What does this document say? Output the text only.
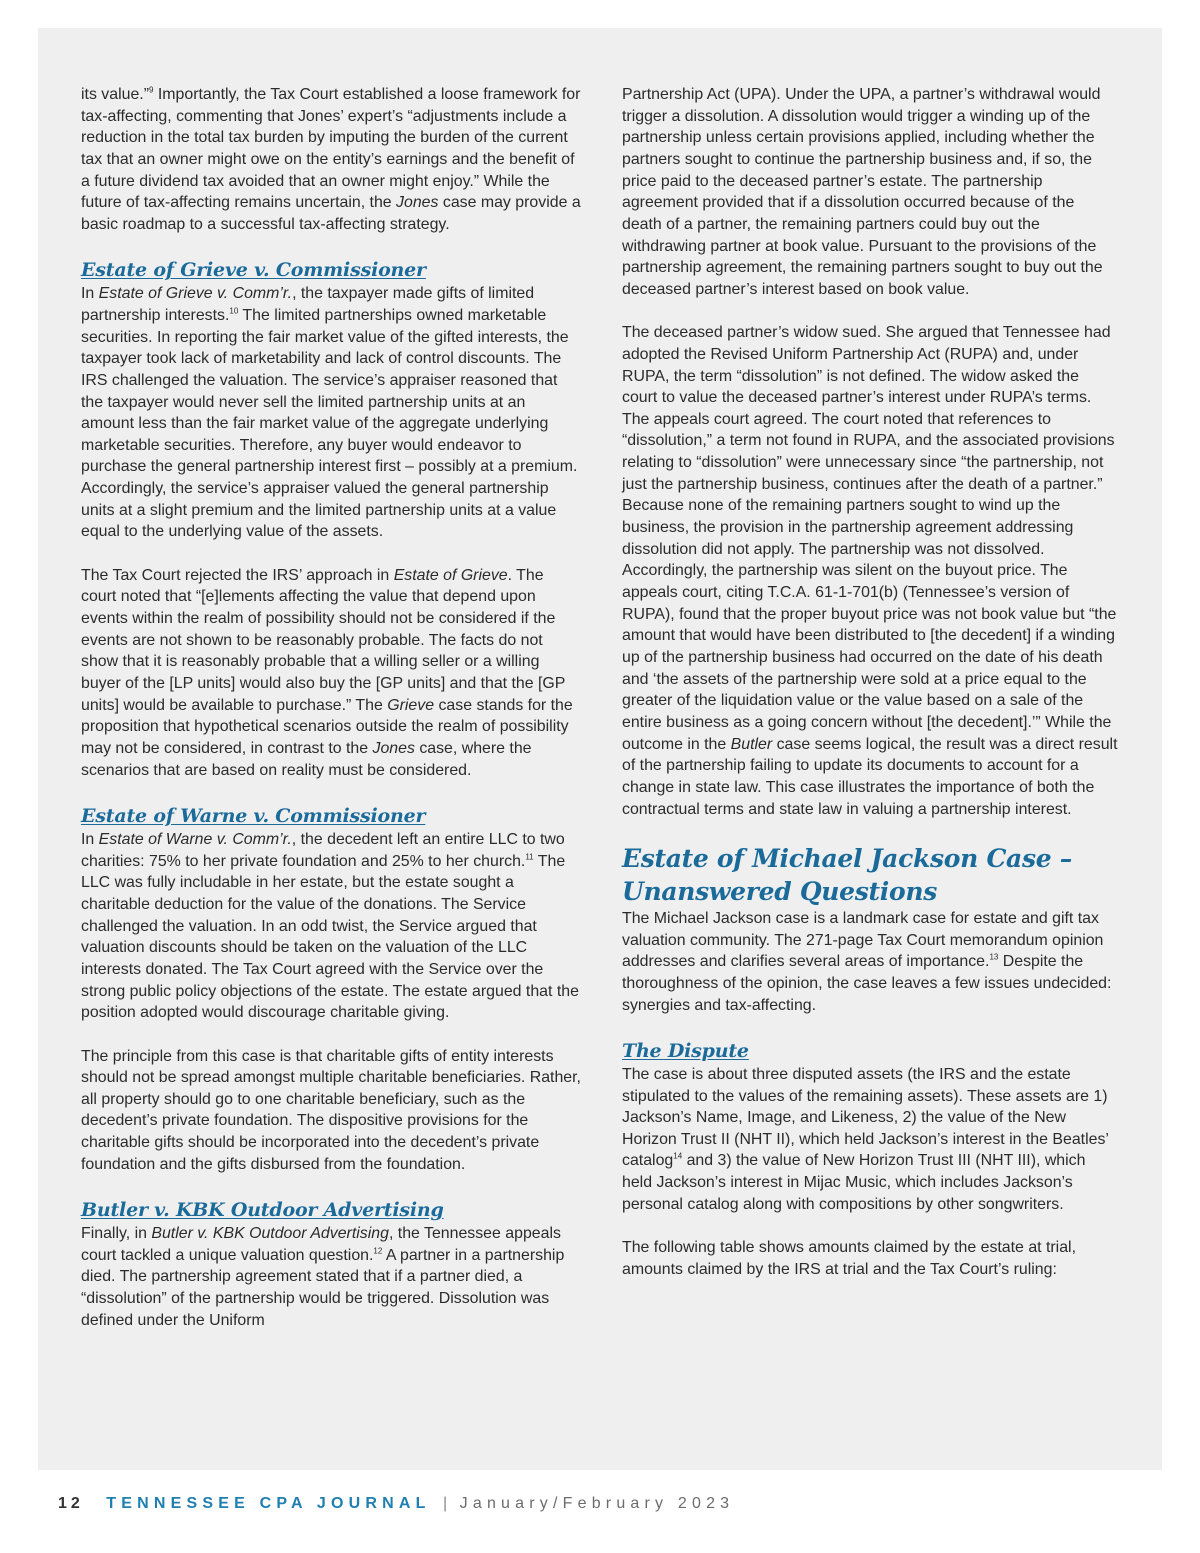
its value.”$^9$ Importantly, the Tax Court established a loose framework for tax-affecting, commenting that Jones’ expert’s “adjustments include a reduction in the total tax burden by imputing the burden of the current tax that an owner might owe on the entity’s earnings and the benefit of a future dividend tax avoided that an owner might enjoy.” While the future of tax-affecting remains uncertain, the Jones case may provide a basic roadmap to a successful tax-affecting strategy.

Estate of Grieve v. Commissioner

In Estate of Grieve v. Comm’r., the taxpayer made gifts of limited partnership interests.$^{10}$ The limited partnerships owned marketable securities. In reporting the fair market value of the gifted interests, the taxpayer took lack of marketability and lack of control discounts. The IRS challenged the valuation. The service’s appraiser reasoned that the taxpayer would never sell the limited partnership units at an amount less than the fair market value of the aggregate underlying marketable securities. Therefore, any buyer would endeavor to purchase the general partnership interest first – possibly at a premium. Accordingly, the service’s appraiser valued the general partnership units at a slight premium and the limited partnership units at a value equal to the underlying value of the assets.

The Tax Court rejected the IRS’ approach in Estate of Grieve. The court noted that “[e]lements affecting the value that depend upon events within the realm of possibility should not be considered if the events are not shown to be reasonably probable. The facts do not show that it is reasonably probable that a willing seller or a willing buyer of the [LP units] would also buy the [GP units] and that the [GP units] would be available to purchase.” The Grieve case stands for the proposition that hypothetical scenarios outside the realm of possibility may not be considered, in contrast to the Jones case, where the scenarios that are based on reality must be considered.

Estate of Warne v. Commissioner

In Estate of Warne v. Comm’r., the decedent left an entire LLC to two charities: 75% to her private foundation and 25% to her church.$^{11}$ The LLC was fully includable in her estate, but the estate sought a charitable deduction for the value of the donations. The Service challenged the valuation. In an odd twist, the Service argued that valuation discounts should be taken on the valuation of the LLC interests donated. The Tax Court agreed with the Service over the strong public policy objections of the estate. The estate argued that the position adopted would discourage charitable giving.

The principle from this case is that charitable gifts of entity interests should not be spread amongst multiple charitable beneficiaries. Rather, all property should go to one charitable beneficiary, such as the decedent’s private foundation. The dispositive provisions for the charitable gifts should be incorporated into the decedent’s private foundation and the gifts disbursed from the foundation.

Butler v. KBK Outdoor Advertising

Finally, in Butler v. KBK Outdoor Advertising, the Tennessee appeals court tackled a unique valuation question.$^{12}$ A partner in a partnership died. The partnership agreement stated that if a partner died, a “dissolution” of the partnership would be triggered. Dissolution was defined under the Uniform

Partnership Act (UPA). Under the UPA, a partner’s withdrawal would trigger a dissolution. A dissolution would trigger a winding up of the partnership unless certain provisions applied, including whether the partners sought to continue the partnership business and, if so, the price paid to the deceased partner’s estate. The partnership agreement provided that if a dissolution occurred because of the death of a partner, the remaining partners could buy out the withdrawing partner at book value. Pursuant to the provisions of the partnership agreement, the remaining partners sought to buy out the deceased partner’s interest based on book value.

The deceased partner’s widow sued. She argued that Tennessee had adopted the Revised Uniform Partnership Act (RUPA) and, under RUPA, the term “dissolution” is not defined. The widow asked the court to value the deceased partner’s interest under RUPA’s terms. The appeals court agreed. The court noted that references to “dissolution,” a term not found in RUPA, and the associated provisions relating to “dissolution” were unnecessary since “the partnership, not just the partnership business, continues after the death of a partner.” Because none of the remaining partners sought to wind up the business, the provision in the partnership agreement addressing dissolution did not apply. The partnership was not dissolved. Accordingly, the partnership was silent on the buyout price. The appeals court, citing T.C.A. 61-1-701(b) (Tennessee’s version of RUPA), found that the proper buyout price was not book value but “the amount that would have been distributed to [the decedent] if a winding up of the partnership business had occurred on the date of his death and ‘the assets of the partnership were sold at a price equal to the greater of the liquidation value or the value based on a sale of the entire business as a going concern without [the decedent].’” While the outcome in the Butler case seems logical, the result was a direct result of the partnership failing to update its documents to account for a change in state law. This case illustrates the importance of both the contractual terms and state law in valuing a partnership interest.

Estate of Michael Jackson Case – Unanswered Questions

The Michael Jackson case is a landmark case for estate and gift tax valuation community. The 271-page Tax Court memorandum opinion addresses and clarifies several areas of importance.$^{13}$ Despite the thoroughness of the opinion, the case leaves a few issues undecided: synergies and tax-affecting.

The Dispute

The case is about three disputed assets (the IRS and the estate stipulated to the values of the remaining assets). These assets are 1) Jackson’s Name, Image, and Likeness, 2) the value of the New Horizon Trust II (NHT II), which held Jackson’s interest in the Beatles’ catalog$^{14}$ and 3) the value of New Horizon Trust III (NHT III), which held Jackson’s interest in Mijac Music, which includes Jackson’s personal catalog along with compositions by other songwriters.

The following table shows amounts claimed by the estate at trial, amounts claimed by the IRS at trial and the Tax Court’s ruling:

12 TENNESSEE CPA JOURNAL | January/February 2023
